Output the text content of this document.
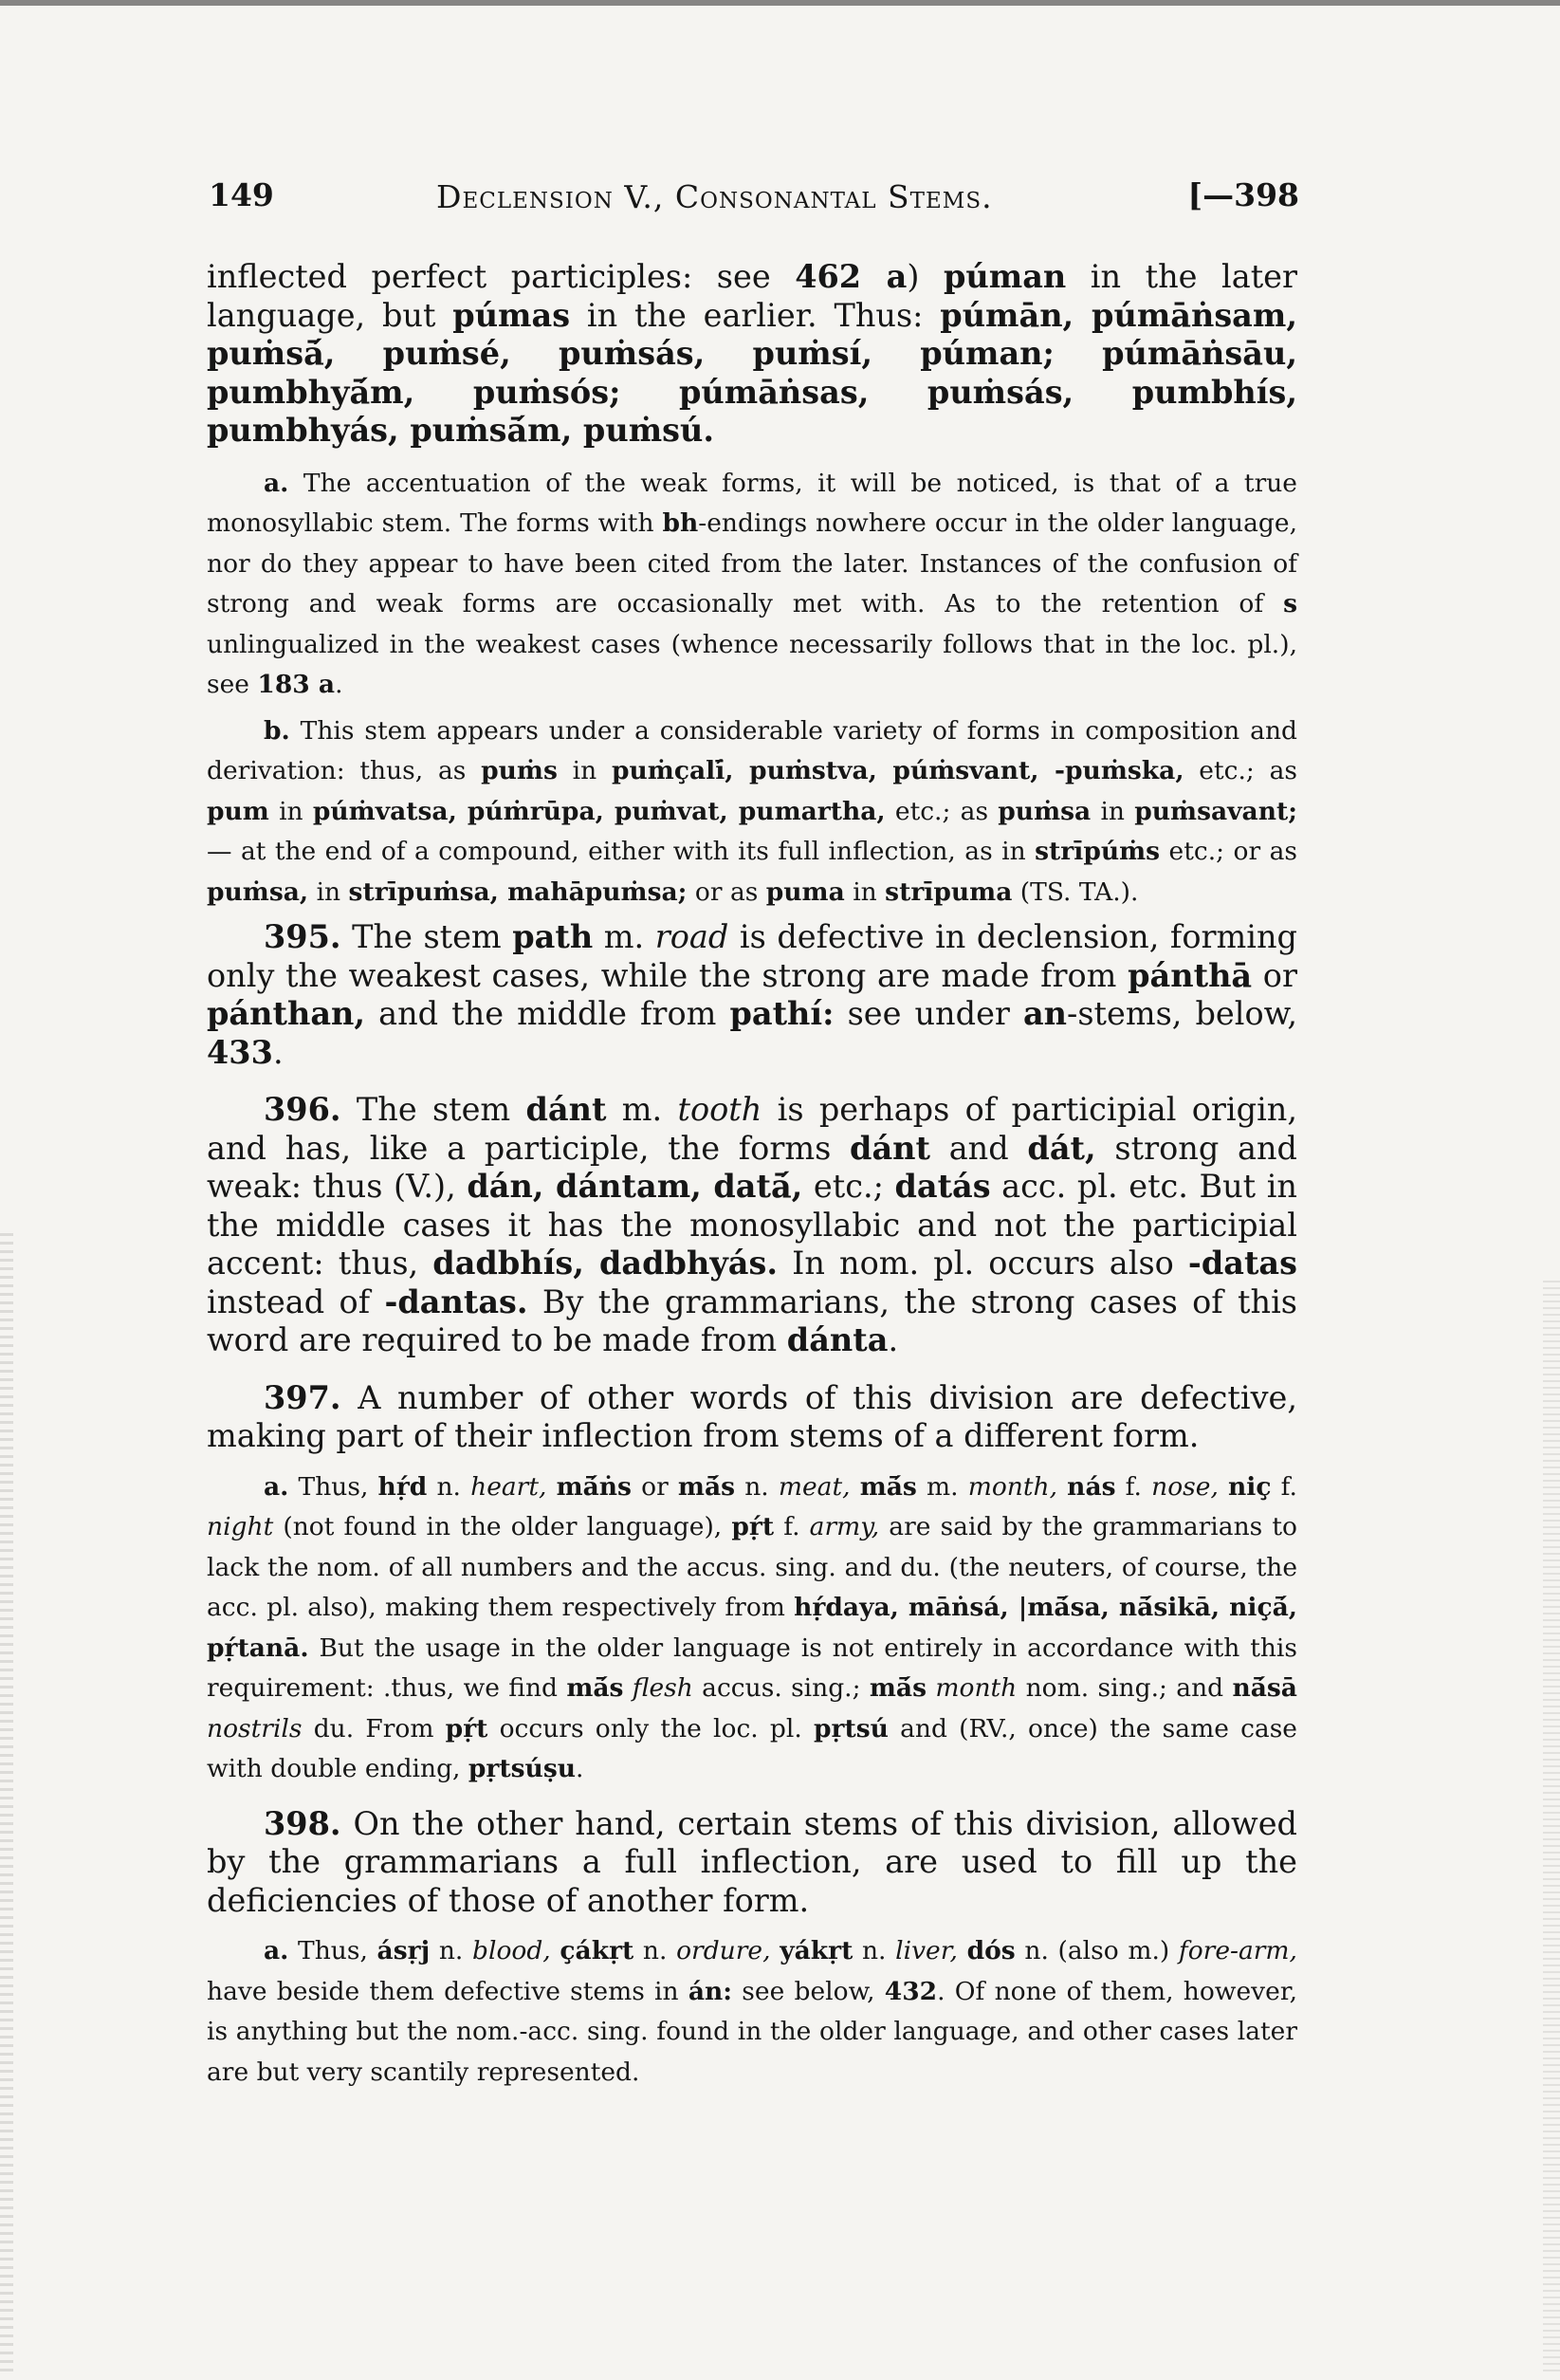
149	Declension V., Consonantal Stems.	[—398

inflected perfect participles: see 462 a) púman in the later language, but púmas in the earlier. Thus: púmān, púmāṅsam, puṁsā́, puṁsé, puṁsás, puṁsí, púman; púmāṅsāu, pumbhyā́m, puṁsós; púmāṅsas, puṁsás, pumbhís, pumbhyás, puṁsā́m, puṁsú.

a. The accentuation of the weak forms, it will be noticed, is that of a true monosyllabic stem. The forms with bh-endings nowhere occur in the older language, nor do they appear to have been cited from the later. Instances of the confusion of strong and weak forms are occasionally met with. As to the retention of s unlingualized in the weakest cases (whence necessarily follows that in the loc. pl.), see 183 a.

b. This stem appears under a considerable variety of forms in composition and derivation: thus, as puṁs in puṁçalī́, puṁstva, púṁsvant, -puṁska, etc.; as pum in púṁvatsa, púṁrūpa, puṁvat, pumartha, etc.; as puṁsa in puṁsavant; — at the end of a compound, either with its full inflection, as in strīpúṁs etc.; or as puṁsa, in strīpuṁsa, mahāpuṁsa; or as puma in strīpuma (TS. TA.).

395. The stem path m. road is defective in declension, forming only the weakest cases, while the strong are made from pánthā or pánthan, and the middle from pathí: see under an-stems, below, 433.

396. The stem dánt m. tooth is perhaps of participial origin, and has, like a participle, the forms dánt and dát, strong and weak: thus (V.), dán, dántam, datā́, etc.; datás acc. pl. etc. But in the middle cases it has the monosyllabic and not the participial accent: thus, dadbhís, dadbhyás. In nom. pl. occurs also -datas instead of -dantas. By the grammarians, the strong cases of this word are required to be made from dánta.

397. A number of other words of this division are defective, making part of their inflection from stems of a different form.

a. Thus, hṛ́d n. heart, mā́ṅs or mā́s n. meat, mā́s m. month, nás f. nose, niç f. night (not found in the older language), pṛ́t f. army, are said by the grammarians to lack the nom. of all numbers and the accus. sing. and du. (the neuters, of course, the acc. pl. also), making them respectively from hṛ́daya, māṅsá, |mā́sa, nā́sikā, niçā́, pṛ́tanā. But the usage in the older language is not entirely in accordance with this requirement: .thus, we find mā́s flesh accus. sing.; mā́s month nom. sing.; and nā́sā nostrils du. From pṛ́t occurs only the loc. pl. pṛtsú and (RV., once) the same case with double ending, pṛtsúṣu.

398. On the other hand, certain stems of this division, allowed by the grammarians a full inflection, are used to fill up the deficiencies of those of another form.

a. Thus, ásṛj n. blood, çákṛt n. ordure, yákṛt n. liver, dós n. (also m.) fore-arm, have beside them defective stems in án: see below, 432. Of none of them, however, is anything but the nom.-acc. sing. found in the older language, and other cases later are but very scantily represented.
